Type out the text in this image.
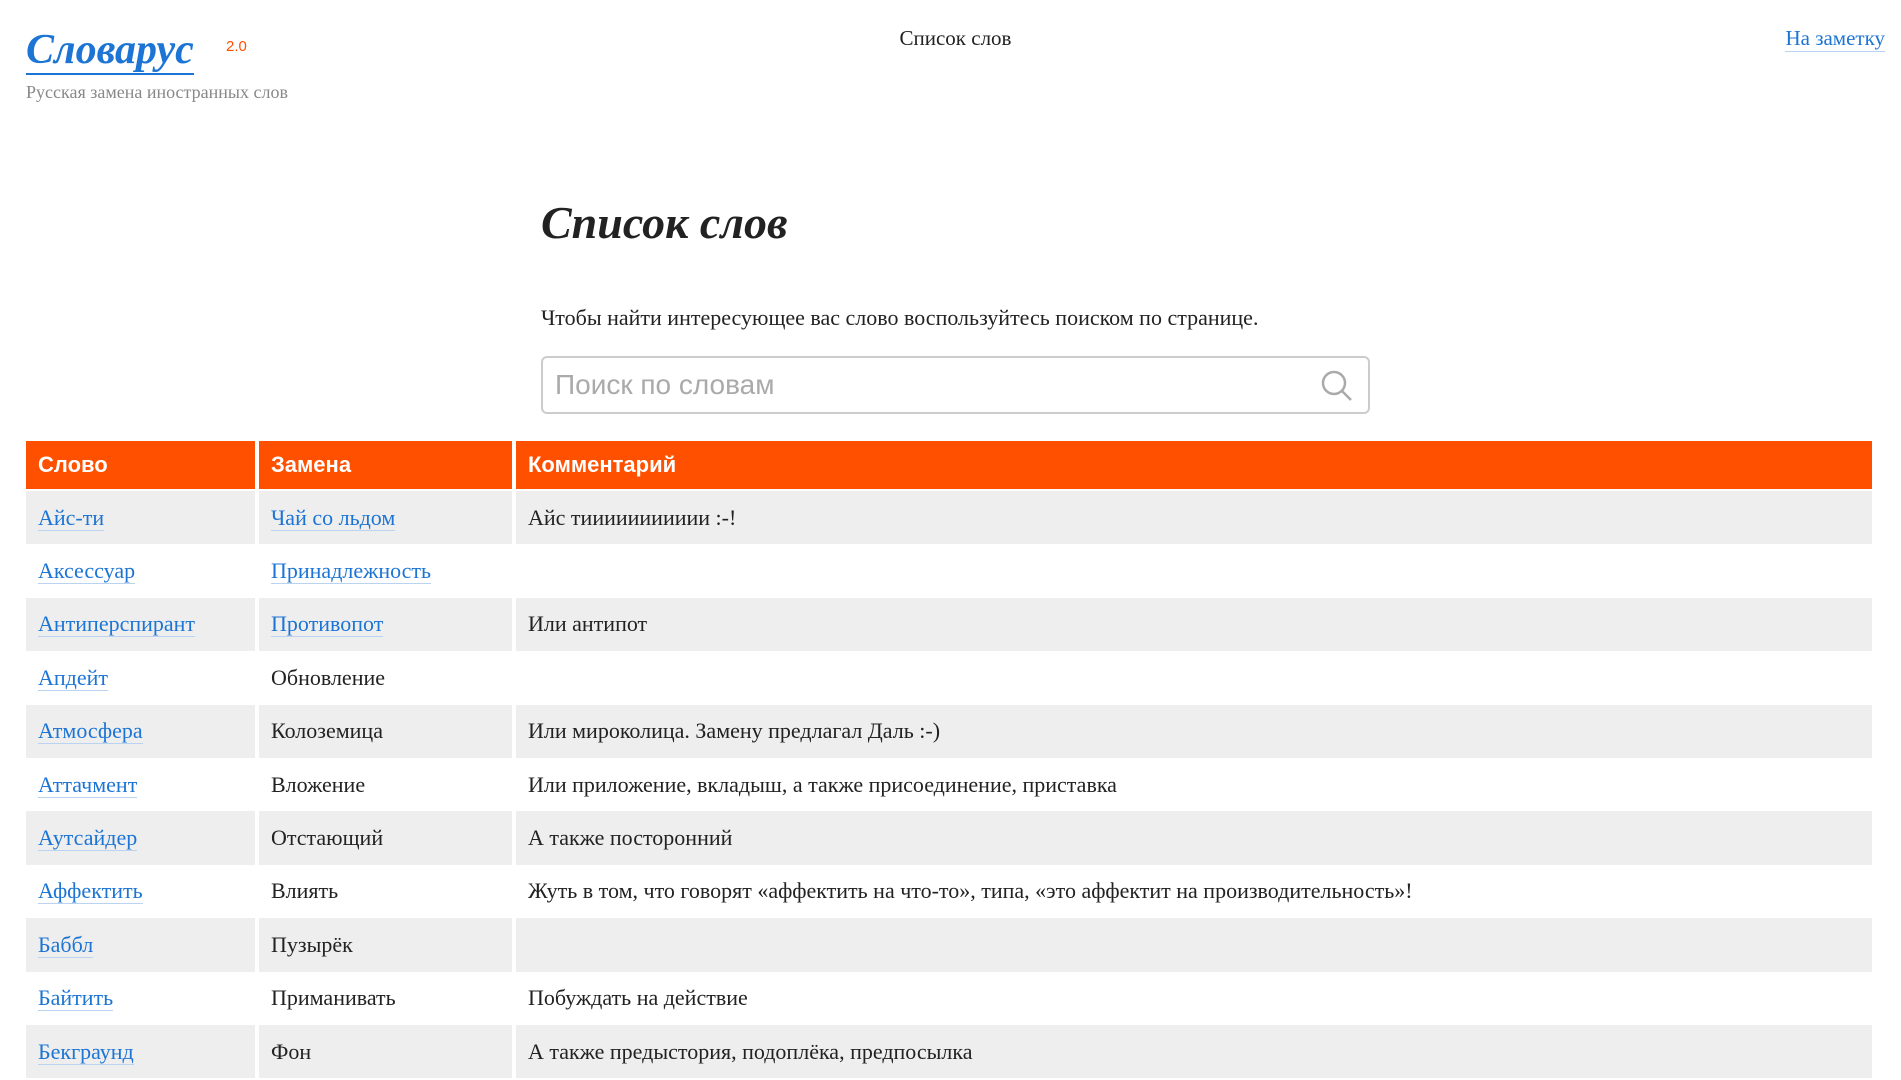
Словарус 2.0
Русская замена иностранных слов
Список слов	На заметку
Список слов

Чтобы найти интересующее вас слово воспользуйтесь поиском по странице.

Поиск по словам
Слово	Замена	Комментарий
Айс-ти	Чай со льдом	Айс тиииииииииии :-!
Аксессуар	Принадлежность	
Антиперспирант	Противопот	Или антипот
Апдейт	Обновление	
Атмосфера	Колоземица	Или мироколица. Замену предлагал Даль :-)
Аттачмент	Вложение	Или приложение, вкладыш, а также присоединение, приставка
Аутсайдер	Отстающий	А также посторонний
Аффектить	Влиять	Жуть в том, что говорят «аффектить на что-то», типа, «это аффектит на производительность»!
Баббл	Пузырёк	
Байтить	Приманивать	Побуждать на действие
Бекграунд	Фон	А также предыстория, подоплёка, предпосылка
